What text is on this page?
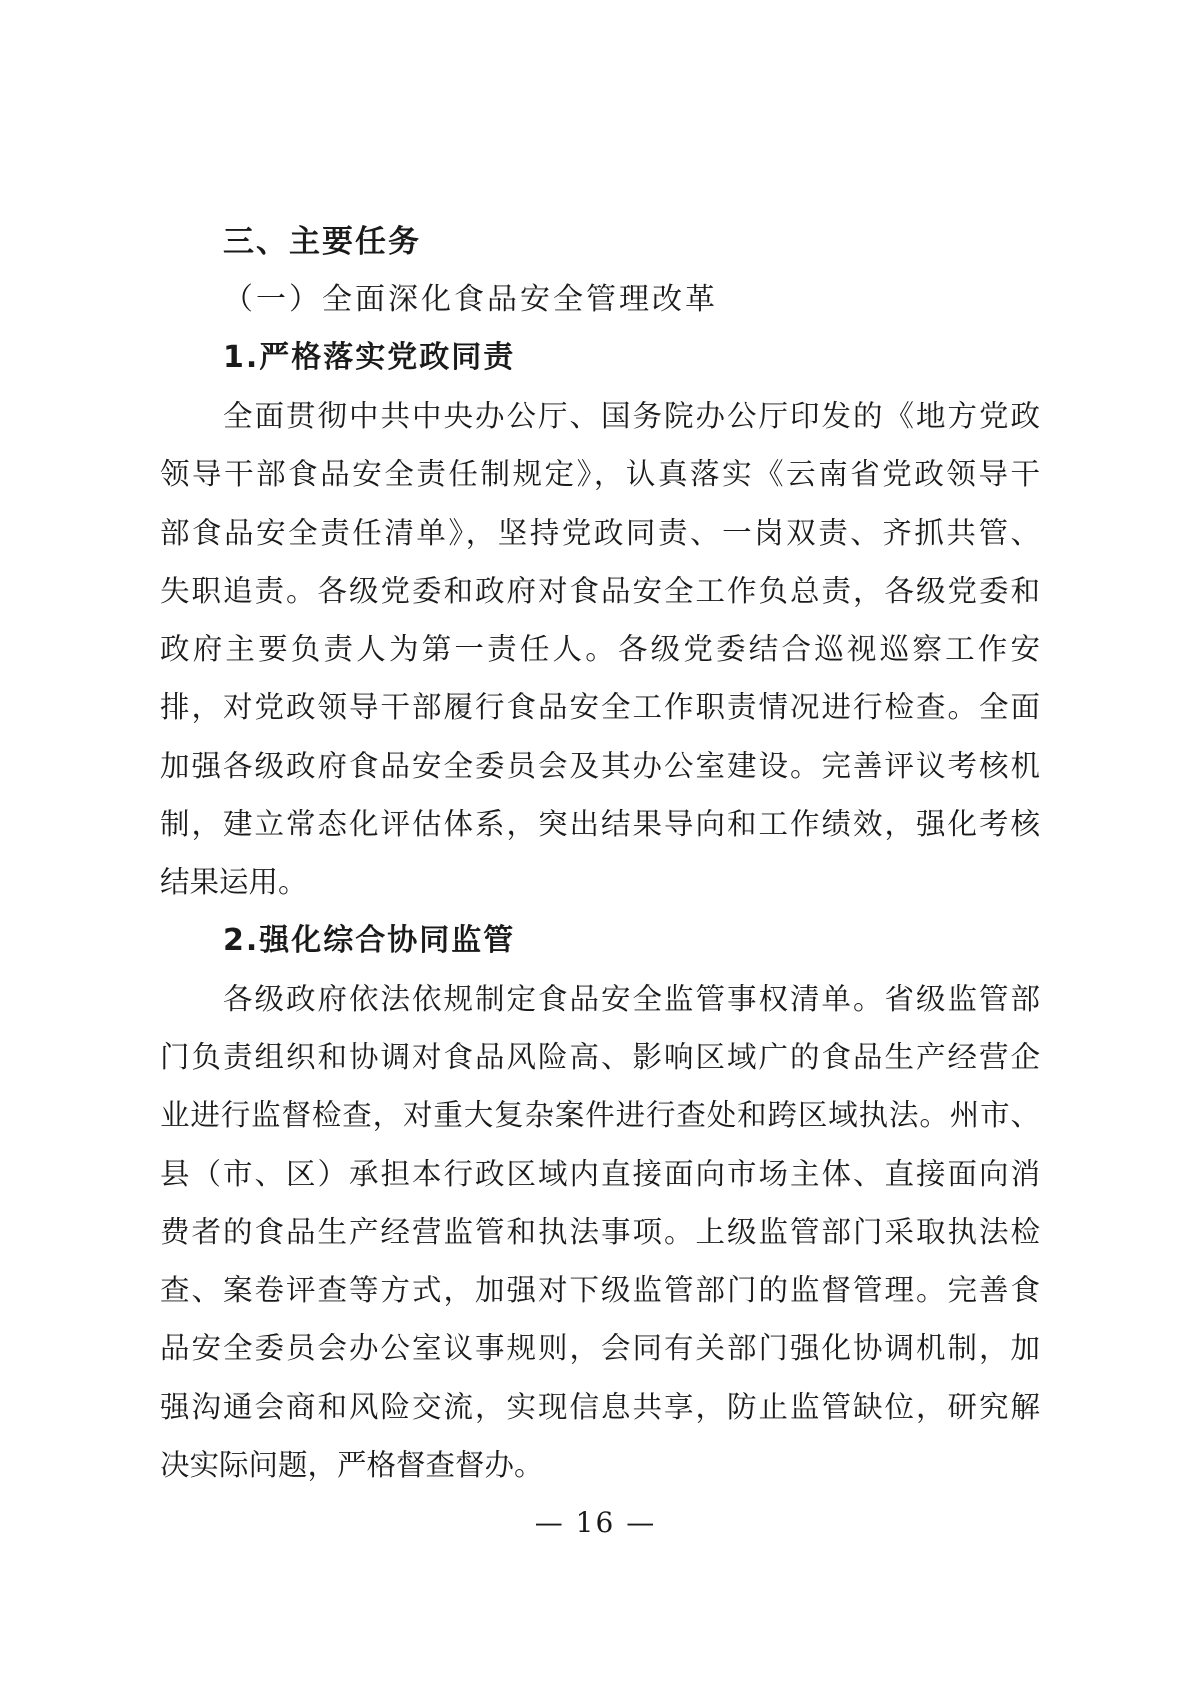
三、主要任务
（一）全面深化食品安全管理改革
1.严格落实党政同责
全面贯彻中共中央办公厅、国务院办公厅印发的《地方党政
领导干部食品安全责任制规定》，认真落实《云南省党政领导干
部食品安全责任清单》，坚持党政同责、一岗双责、齐抓共管、
失职追责。各级党委和政府对食品安全工作负总责，各级党委和
政府主要负责人为第一责任人。各级党委结合巡视巡察工作安
排，对党政领导干部履行食品安全工作职责情况进行检查。全面
加强各级政府食品安全委员会及其办公室建设。完善评议考核机
制，建立常态化评估体系，突出结果导向和工作绩效，强化考核
结果运用。
2.强化综合协同监管
各级政府依法依规制定食品安全监管事权清单。省级监管部
门负责组织和协调对食品风险高、影响区域广的食品生产经营企
业进行监督检查，对重大复杂案件进行查处和跨区域执法。州市、
县（市、区）承担本行政区域内直接面向市场主体、直接面向消
费者的食品生产经营监管和执法事项。上级监管部门采取执法检
查、案卷评查等方式，加强对下级监管部门的监督管理。完善食
品安全委员会办公室议事规则，会同有关部门强化协调机制，加
强沟通会商和风险交流，实现信息共享，防止监管缺位，研究解
决实际问题，严格督查督办。
— 16 —
